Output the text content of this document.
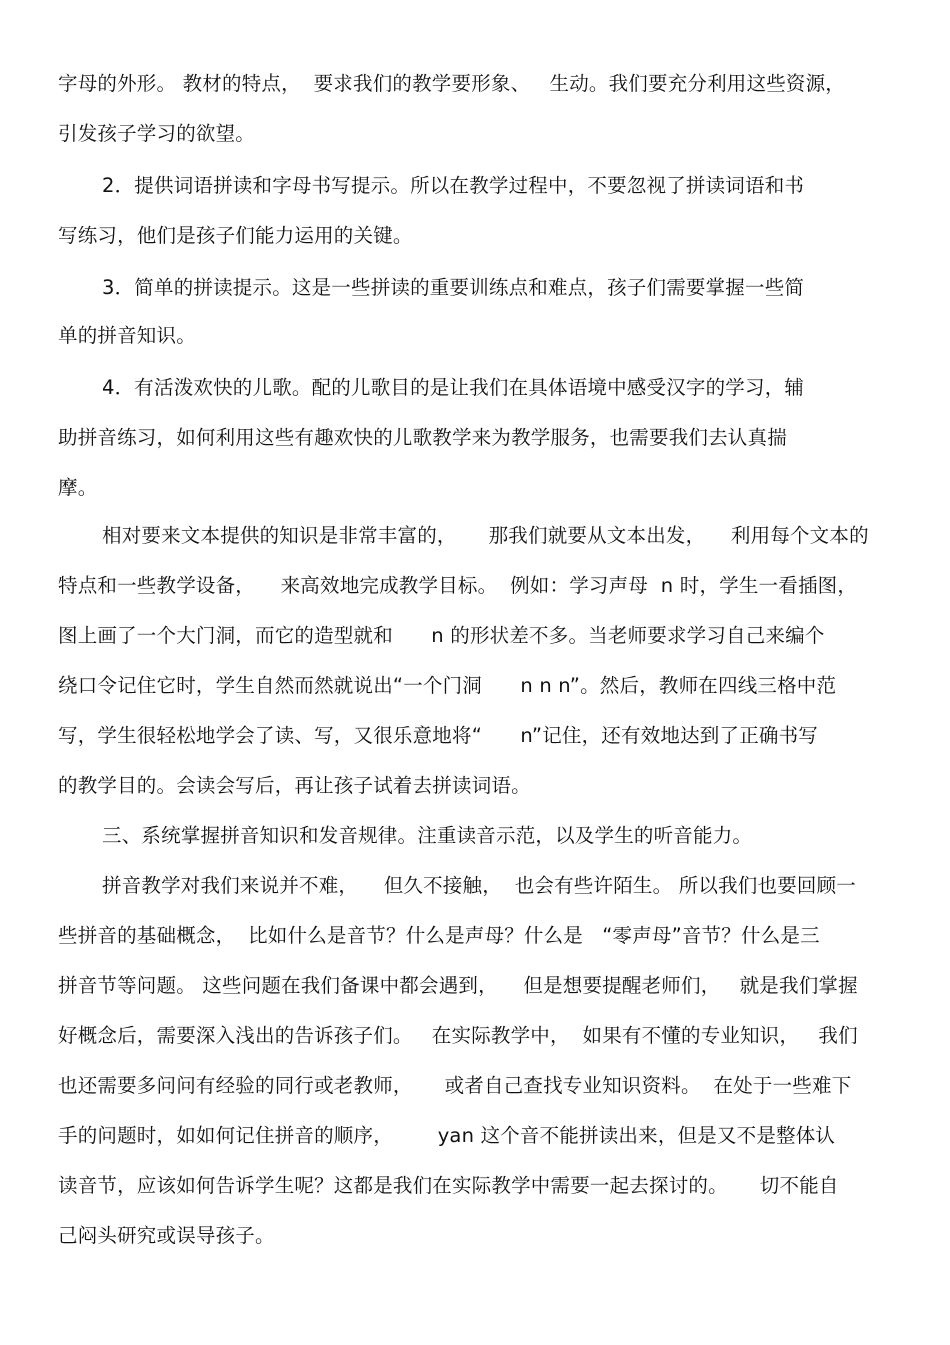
字母的外形。 教材的特点，  要求我们的教学要形象、   生动。我们要充分利用这些资源，
引发孩子学习的欲望。
2．提供词语拼读和字母书写提示。所以在教学过程中，不要忽视了拼读词语和书
写练习，他们是孩子们能力运用的关键。
3．简单的拼读提示。这是一些拼读的重要训练点和难点，孩子们需要掌握一些简
单的拼音知识。
4．有活泼欢快的儿歌。配的儿歌目的是让我们在具体语境中感受汉字的学习，辅
助拼音练习，如何利用这些有趣欢快的儿歌教学来为教学服务，也需要我们去认真揣
摩。
相对要来文本提供的知识是非常丰富的，     那我们就要从文本出发，    利用每个文本的
特点和一些教学设备，    来高效地完成教学目标。  例如：学习声母  n 时，学生一看插图，
图上画了一个大门洞，而它的造型就和      n 的形状差不多。当老师要求学习自己来编个
绕口令记住它时，学生自然而然就说出“一个门洞      n n n”。然后，教师在四线三格中范
写，学生很轻松地学会了读、写，又很乐意地将“      n”记住，还有效地达到了正确书写
的教学目的。会读会写后，再让孩子试着去拼读词语。
三、系统掌握拼音知识和发音规律。注重读音示范，以及学生的听音能力。
拼音教学对我们来说并不难，    但久不接触，  也会有些许陌生。 所以我们也要回顾一
些拼音的基础概念，  比如什么是音节？什么是声母？什么是   “零声母”音节？什么是三
拼音节等问题。 这些问题在我们备课中都会遇到，    但是想要提醒老师们，   就是我们掌握
好概念后，需要深入浅出的告诉孩子们。   在实际教学中，  如果有不懂的专业知识，   我们
也还需要多问问有经验的同行或老教师，     或者自己查找专业知识资料。  在处于一些难下
手的问题时，如如何记住拼音的顺序，       yan 这个音不能拼读出来，但是又不是整体认
读音节，应该如何告诉学生呢？这都是我们在实际教学中需要一起去探讨的。     切不能自
己闷头研究或误导孩子。
